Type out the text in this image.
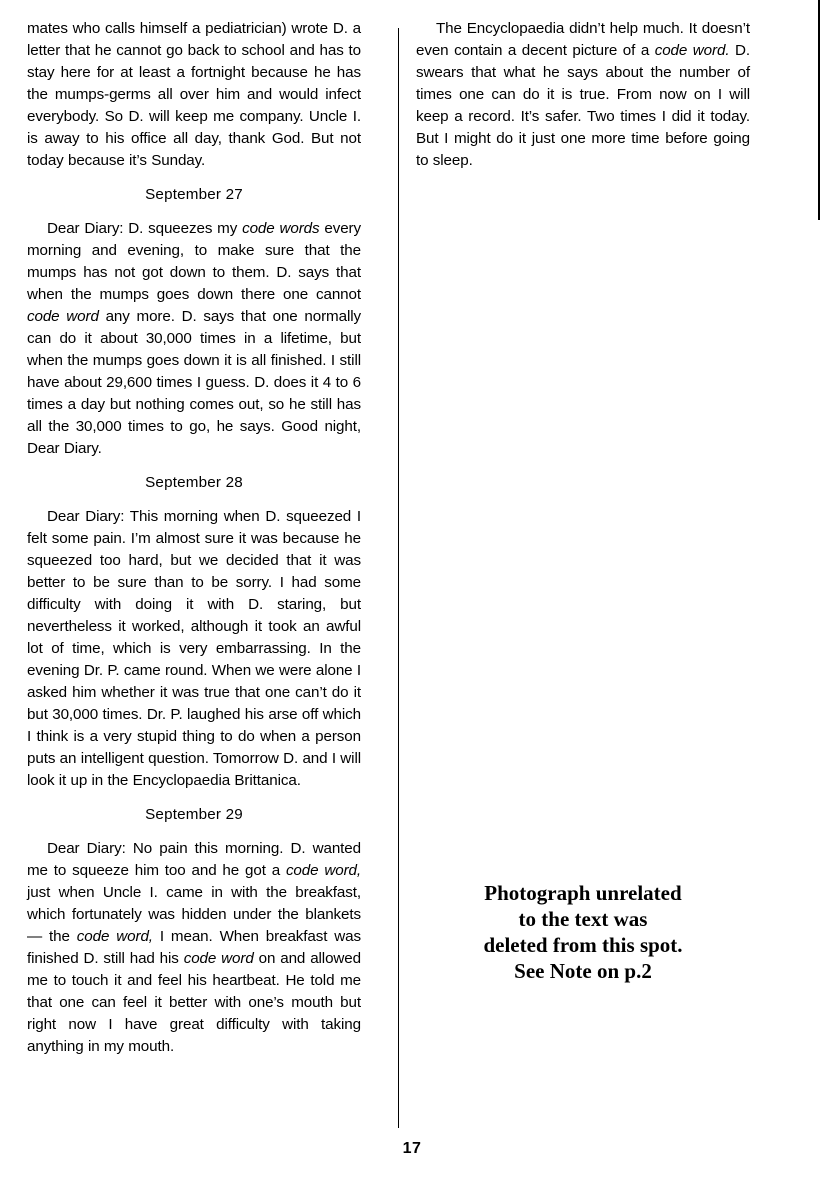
mates who calls himself a pediatrician) wrote D. a letter that he cannot go back to school and has to stay here for at least a fortnight because he has the mumps-germs all over him and would infect everybody. So D. will keep me company. Uncle I. is away to his office all day, thank God. But not today because it’s Sunday.

September 27

Dear Diary: D. squeezes my code words every morning and evening, to make sure that the mumps has not got down to them. D. says that when the mumps goes down there one cannot code word any more. D. says that one normally can do it about 30,000 times in a lifetime, but when the mumps goes down it is all finished. I still have about 29,600 times I guess. D. does it 4 to 6 times a day but nothing comes out, so he still has all the 30,000 times to go, he says. Good night, Dear Diary.

September 28

Dear Diary: This morning when D. squeezed I felt some pain. I’m almost sure it was because he squeezed too hard, but we decided that it was better to be sure than to be sorry. I had some difficulty with doing it with D. staring, but nevertheless it worked, although it took an awful lot of time, which is very embarrassing. In the evening Dr. P. came round. When we were alone I asked him whether it was true that one can’t do it but 30,000 times. Dr. P. laughed his arse off which I think is a very stupid thing to do when a person puts an intelligent question. Tomorrow D. and I will look it up in the Encyclopaedia Brittanica.

September 29

Dear Diary: No pain this morning. D. wanted me to squeeze him too and he got a code word, just when Uncle I. came in with the breakfast, which fortunately was hidden under the blankets — the code word, I mean. When breakfast was finished D. still had his code word on and allowed me to touch it and feel his heartbeat. He told me that one can feel it better with one’s mouth but right now I have great difficulty with taking anything in my mouth.

The Encyclopaedia didn’t help much. It doesn’t even contain a decent picture of a code word. D. swears that what he says about the number of times one can do it is true. From now on I will keep a record. It’s safer. Two times I did it today. But I might do it just one more time before going to sleep.

Photograph unrelated
to the text was
deleted from this spot.
See Note on p.2
17
